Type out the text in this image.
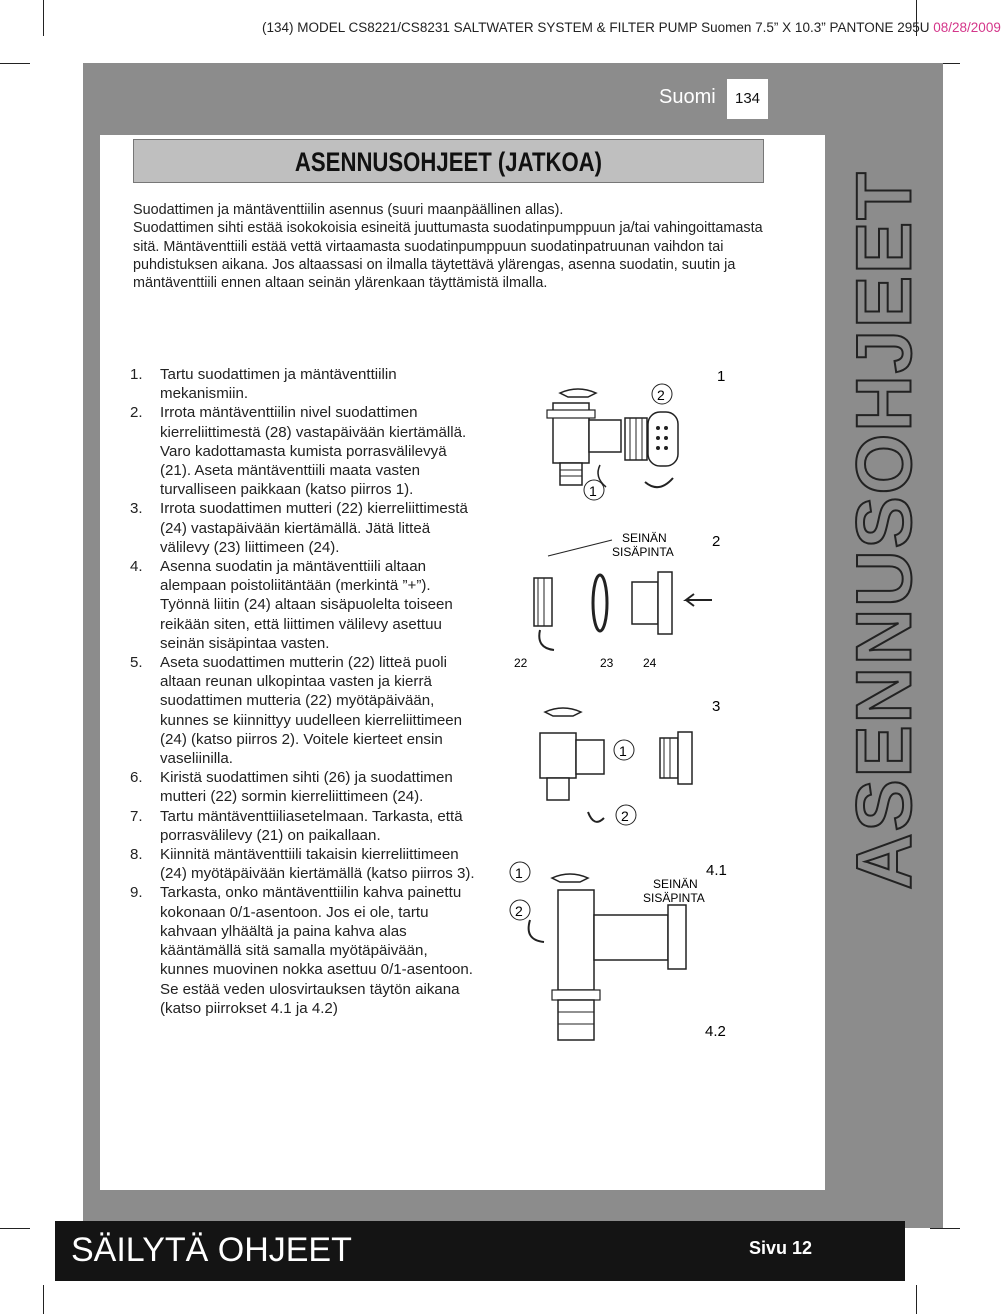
(134) MODEL CS8221/CS8231 SALTWATER SYSTEM & FILTER PUMP Suomen 7.5” X 10.3” PANTONE 295U 08/28/2009
Suomi	134
ASENNUSOHJEET (JATKOA)

Suodattimen ja mäntäventtiilin asennus (suuri maanpäällinen allas).

Suodattimen sihti estää isokokoisia esineitä juuttumasta suodatinpumppuun ja/tai vahingoittamasta sitä. Mäntäventtiili estää vettä virtaamasta suodatinpumppuun suodatinpatruunan vaihdon tai puhdistuksen aikana. Jos altaassasi on ilmalla täytettävä ylärengas, asenna suodatin, suutin ja mäntäventtiili ennen altaan seinän ylärenkaan täyttämistä ilmalla.

1. Tartu suodattimen ja mäntäventtiilin mekanismiin.
2. Irrota mäntäventtiilin nivel suodattimen kierreliittimestä (28) vastapäivään kiertämällä. Varo kadottamasta kumista porrasvälilevyä (21). Aseta mäntäventtiili maata vasten turvalliseen paikkaan (katso piirros 1).
3. Irrota suodattimen mutteri (22) kierreliittimestä (24) vastapäivään kiertämällä. Jätä litteä välilevy (23) liittimeen (24).
4. Asenna suodatin ja mäntäventtiili altaan alempaan poistoliitäntään (merkintä ”+”). Työnnä liitin (24) altaan sisäpuolelta toiseen reikään siten, että liittimen välilevy asettuu seinän sisäpintaa vasten.
5. Aseta suodattimen mutterin (22) litteä puoli altaan reunan ulkopintaa vasten ja kierrä suodattimen mutteria (22) myötäpäivään, kunnes se kiinnittyy uudelleen kierreliittimeen (24) (katso piirros 2). Voitele kierteet ensin vaseliinilla.
6. Kiristä suodattimen sihti (26) ja suodattimen mutteri (22) sormin kierreliittimeen (24).
7. Tartu mäntäventtiiliasetelmaan. Tarkasta, että porrasvälilevy (21) on paikallaan.
8. Kiinnitä mäntäventtiili takaisin kierreliittimeen (24) myötäpäivään kiertämällä (katso piirros 3).
9. Tarkasta, onko mäntäventtiilin kahva painettu kokonaan 0/1-asentoon. Jos ei ole, tartu kahvaan ylhäältä ja paina kahva alas kääntämällä sitä samalla myötäpäivään, kunnes muovinen nokka asettuu 0/1-asentoon. Se estää veden ulosvirtauksen täytön aikana (katso piirrokset 4.1 ja 4.2)
1
2
1
2
SEINÄN
SISÄPINTA
22	23 24
3
1
2
4.1
SEINÄN
SISÄPINTA
1
2
4.2
ASENNUSOHJEET
SÄILYTÄ OHJEET	Sivu 12
